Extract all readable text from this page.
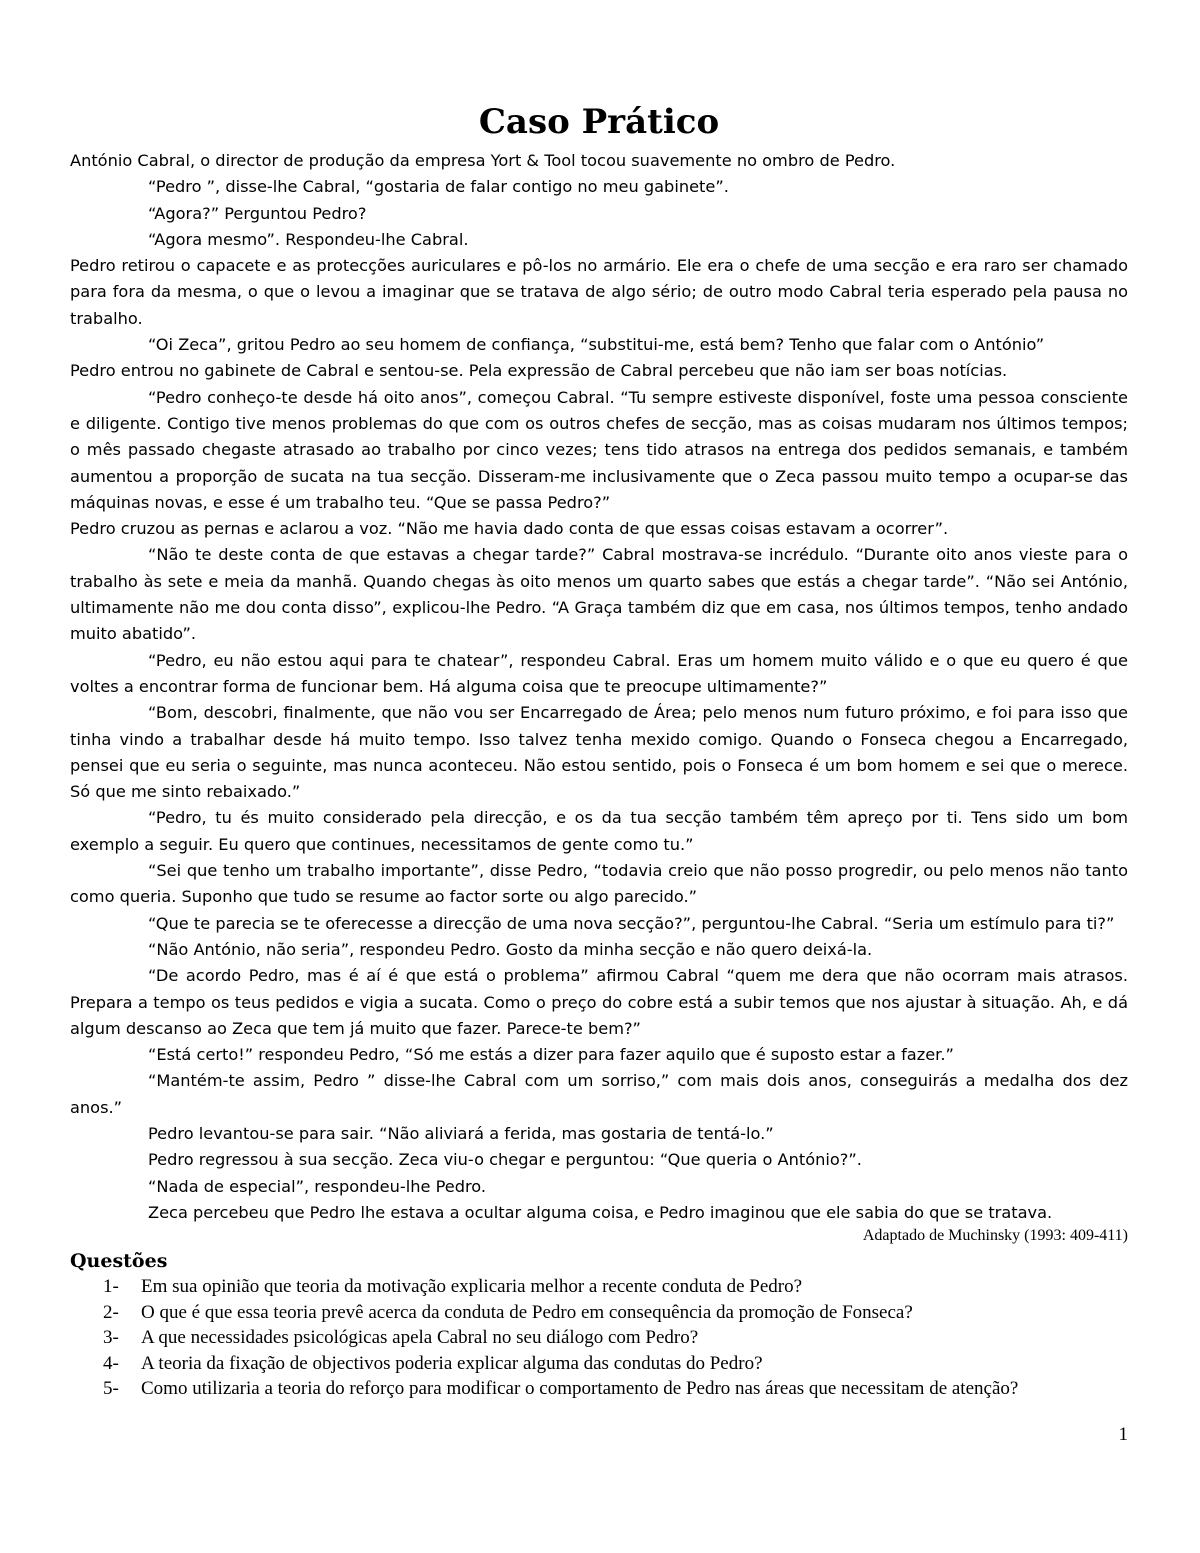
Caso Prático

António Cabral, o director de produção da empresa Yort & Tool tocou suavemente no ombro de Pedro.

“Pedro ”, disse-lhe Cabral, “gostaria de falar contigo no meu gabinete”.

“Agora?” Perguntou Pedro?

“Agora mesmo”. Respondeu-lhe Cabral.

Pedro retirou o capacete e as protecções auriculares e pô-los no armário. Ele era o chefe de uma secção e era raro ser chamado para fora da mesma, o que o levou a imaginar que se tratava de algo sério; de outro modo Cabral teria esperado pela pausa no trabalho.

“Oi Zeca”, gritou Pedro ao seu homem de confiança, “substitui-me, está bem? Tenho que falar com o António”

Pedro entrou no gabinete de Cabral e sentou-se. Pela expressão de Cabral percebeu que não iam ser boas notícias.

“Pedro conheço-te desde há oito anos”, começou Cabral. “Tu sempre estiveste disponível, foste uma pessoa consciente e diligente. Contigo tive menos problemas do que com os outros chefes de secção, mas as coisas mudaram nos últimos tempos; o mês passado chegaste atrasado ao trabalho por cinco vezes; tens tido atrasos na entrega dos pedidos semanais, e também aumentou a proporção de sucata na tua secção. Disseram-me inclusivamente que o Zeca passou muito tempo a ocupar-se das máquinas novas, e esse é um trabalho teu. “Que se passa Pedro?”

Pedro cruzou as pernas e aclarou a voz. “Não me havia dado conta de que essas coisas estavam a ocorrer”.

“Não te deste conta de que estavas a chegar tarde?” Cabral mostrava-se incrédulo. “Durante oito anos vieste para o trabalho às sete e meia da manhã. Quando chegas às oito menos um quarto sabes que estás a chegar tarde”. “Não sei António, ultimamente não me dou conta disso”, explicou-lhe Pedro. “A Graça também diz que em casa, nos últimos tempos, tenho andado muito abatido”.

“Pedro, eu não estou aqui para te chatear”, respondeu Cabral. Eras um homem muito válido e o que eu quero é que voltes a encontrar forma de funcionar bem. Há alguma coisa que te preocupe ultimamente?”

“Bom, descobri, finalmente, que não vou ser Encarregado de Área; pelo menos num futuro próximo, e foi para isso que tinha vindo a trabalhar desde há muito tempo. Isso talvez tenha mexido comigo. Quando o Fonseca chegou a Encarregado, pensei que eu seria o seguinte, mas nunca aconteceu. Não estou sentido, pois o Fonseca é um bom homem e sei que o merece. Só que me sinto rebaixado.”

“Pedro, tu és muito considerado pela direcção, e os da tua secção também têm apreço por ti. Tens sido um bom exemplo a seguir. Eu quero que continues, necessitamos de gente como tu.”

“Sei que tenho um trabalho importante”, disse Pedro, “todavia creio que não posso progredir, ou pelo menos não tanto como queria. Suponho que tudo se resume ao factor sorte ou algo parecido.”

“Que te parecia se te oferecesse a direcção de uma nova secção?”, perguntou-lhe Cabral. “Seria um estímulo para ti?”

“Não António, não seria”, respondeu Pedro. Gosto da minha secção e não quero deixá-la.

“De acordo Pedro, mas é aí é que está o problema” afirmou Cabral “quem me dera que não ocorram mais atrasos. Prepara a tempo os teus pedidos e vigia a sucata. Como o preço do cobre está a subir temos que nos ajustar à situação. Ah, e dá algum descanso ao Zeca que tem já muito que fazer. Parece-te bem?”

“Está certo!” respondeu Pedro, “Só me estás a dizer para fazer aquilo que é suposto estar a fazer.”

“Mantém-te assim, Pedro ” disse-lhe Cabral com um sorriso,” com mais dois anos, conseguirás a medalha dos dez anos.”

Pedro levantou-se para sair. “Não aliviará a ferida, mas gostaria de tentá-lo.”

Pedro regressou à sua secção. Zeca viu-o chegar e perguntou: “Que queria o António?”.

“Nada de especial”, respondeu-lhe Pedro.

Zeca percebeu que Pedro lhe estava a ocultar alguma coisa, e Pedro imaginou que ele sabia do que se tratava.

Adaptado de Muchinsky (1993: 409-411)

Questões
1-	Em sua opinião que teoria da motivação explicaria melhor a recente conduta de Pedro?
2-	O que é que essa teoria prevê acerca da conduta de Pedro em consequência da promoção de Fonseca?
3-	A que necessidades psicológicas apela Cabral no seu diálogo com Pedro?
4-	A teoria da fixação de objectivos poderia explicar alguma das condutas do Pedro?
5-	Como utilizaria a teoria do reforço para modificar o comportamento de Pedro nas áreas que necessitam de atenção?
1
